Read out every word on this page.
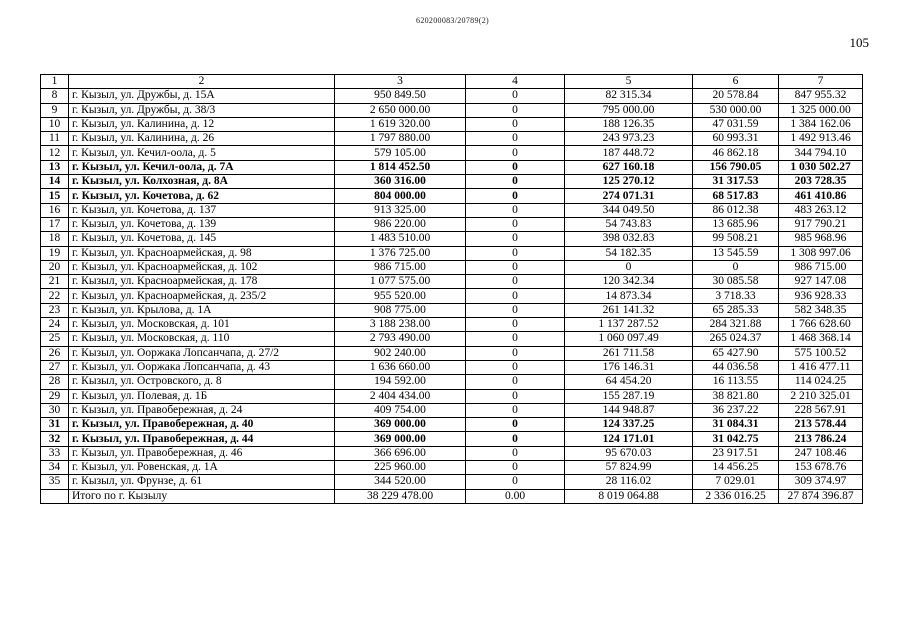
620200083/20789(2)
105
1	2	3	4	5	6	7
8	г. Кызыл, ул. Дружбы, д. 15А	950 849.50	0	82 315.34	20 578.84	847 955.32
9	г. Кызыл, ул. Дружбы, д. 38/3	2 650 000.00	0	795 000.00	530 000.00	1 325 000.00
10	г. Кызыл, ул. Калинина, д. 12	1 619 320.00	0	188 126.35	47 031.59	1 384 162.06
11	г. Кызыл, ул. Калинина, д. 26	1 797 880.00	0	243 973.23	60 993.31	1 492 913.46
12	г. Кызыл, ул. Кечил-оола, д. 5	579 105.00	0	187 448.72	46 862.18	344 794.10
13	г. Кызыл, ул. Кечил-оола, д. 7А	1 814 452.50	0	627 160.18	156 790.05	1 030 502.27
14	г. Кызыл, ул. Колхозная, д. 8А	360 316.00	0	125 270.12	31 317.53	203 728.35
15	г. Кызыл, ул. Кочетова, д. 62	804 000.00	0	274 071.31	68 517.83	461 410.86
16	г. Кызыл, ул. Кочетова, д. 137	913 325.00	0	344 049.50	86 012.38	483 263.12
17	г. Кызыл, ул. Кочетова, д. 139	986 220.00	0	54 743.83	13 685.96	917 790.21
18	г. Кызыл, ул. Кочетова, д. 145	1 483 510.00	0	398 032.83	99 508.21	985 968.96
19	г. Кызыл, ул. Красноармейская, д. 98	1 376 725.00	0	54 182.35	13 545.59	1 308 997.06
20	г. Кызыл, ул. Красноармейская, д. 102	986 715.00	0	0	0	986 715.00
21	г. Кызыл, ул. Красноармейская, д. 178	1 077 575.00	0	120 342.34	30 085.58	927 147.08
22	г. Кызыл, ул. Красноармейская, д. 235/2	955 520.00	0	14 873.34	3 718.33	936 928.33
23	г. Кызыл, ул. Крылова, д. 1А	908 775.00	0	261 141.32	65 285.33	582 348.35
24	г. Кызыл, ул. Московская, д. 101	3 188 238.00	0	1 137 287.52	284 321.88	1 766 628.60
25	г. Кызыл, ул. Московская, д. 110	2 793 490.00	0	1 060 097.49	265 024.37	1 468 368.14
26	г. Кызыл, ул. Ооржака Лопсанчапа, д. 27/2	902 240.00	0	261 711.58	65 427.90	575 100.52
27	г. Кызыл, ул. Ооржака Лопсанчапа, д. 43	1 636 660.00	0	176 146.31	44 036.58	1 416 477.11
28	г. Кызыл, ул. Островского, д. 8	194 592.00	0	64 454.20	16 113.55	114 024.25
29	г. Кызыл, ул. Полевая, д. 1Б	2 404 434.00	0	155 287.19	38 821.80	2 210 325.01
30	г. Кызыл, ул. Правобережная, д. 24	409 754.00	0	144 948.87	36 237.22	228 567.91
31	г. Кызыл, ул. Правобережная, д. 40	369 000.00	0	124 337.25	31 084.31	213 578.44
32	г. Кызыл, ул. Правобережная, д. 44	369 000.00	0	124 171.01	31 042.75	213 786.24
33	г. Кызыл, ул. Правобережная, д. 46	366 696.00	0	95 670.03	23 917.51	247 108.46
34	г. Кызыл, ул. Ровенская, д. 1А	225 960.00	0	57 824.99	14 456.25	153 678.76
35	г. Кызыл, ул. Фрунзе, д. 61	344 520.00	0	28 116.02	7 029.01	309 374.97
	Итого по г. Кызылу	38 229 478.00	0.00	8 019 064.88	2 336 016.25	27 874 396.87
